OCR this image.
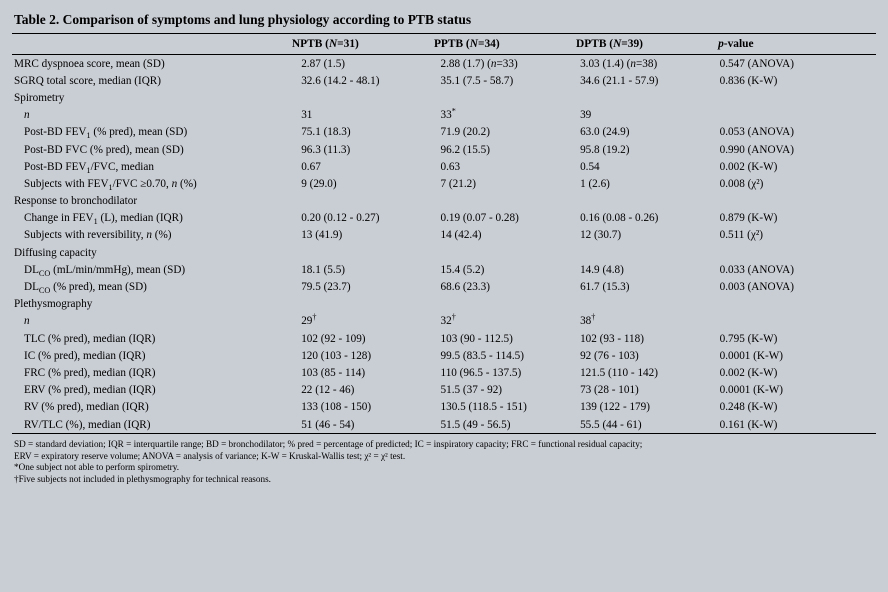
Table 2. Comparison of symptoms and lung physiology according to PTB status
	NPTB (N=31)	PPTB (N=34)	DPTB (N=39)	p-value
MRC dyspnoea score, mean (SD)	2.87 (1.5)	2.88 (1.7) (n=33)	3.03 (1.4) (n=38)	0.547 (ANOVA)
SGRQ total score, median (IQR)	32.6 (14.2 - 48.1)	35.1 (7.5 - 58.7)	34.6 (21.1 - 57.9)	0.836 (K-W)
Spirometry				
n	31	33*	39	
Post-BD $FEV_1$ (% pred), mean (SD)	75.1 (18.3)	71.9 (20.2)	63.0 (24.9)	0.053 (ANOVA)
Post-BD FVC (% pred), mean (SD)	96.3 (11.3)	96.2 (15.5)	95.8 (19.2)	0.990 (ANOVA)
Post-BD $FEV_1$/FVC, median	0.67	0.63	0.54	0.002 (K-W)
Subjects with $FEV_1$/FVC ≥0.70, n (%)	9 (29.0)	7 (21.2)	1 (2.6)	0.008 (χ²)
Response to bronchodilator				
Change in $FEV_1$ (L), median (IQR)	0.20 (0.12 - 0.27)	0.19 (0.07 - 0.28)	0.16 (0.08 - 0.26)	0.879 (K-W)
Subjects with reversibility, n (%)	13 (41.9)	14 (42.4)	12 (30.7)	0.511 (χ²)
Diffusing capacity				
$DL_{CO}$ (mL/min/mmHg), mean (SD)	18.1 (5.5)	15.4 (5.2)	14.9 (4.8)	0.033 (ANOVA)
$DL_{CO}$ (% pred), mean (SD)	79.5 (23.7)	68.6 (23.3)	61.7 (15.3)	0.003 (ANOVA)
Plethysmography				
n	29†	32†	38†	
TLC (% pred), median (IQR)	102 (92 - 109)	103 (90 - 112.5)	102 (93 - 118)	0.795 (K-W)
IC (% pred), median (IQR)	120 (103 - 128)	99.5 (83.5 - 114.5)	92 (76 - 103)	0.0001 (K-W)
FRC (% pred), median (IQR)	103 (85 - 114)	110 (96.5 - 137.5)	121.5 (110 - 142)	0.002 (K-W)
ERV (% pred), median (IQR)	22 (12 - 46)	51.5 (37 - 92)	73 (28 - 101)	0.0001 (K-W)
RV (% pred), median (IQR)	133 (108 - 150)	130.5 (118.5 - 151)	139 (122 - 179)	0.248 (K-W)
RV/TLC (%), median (IQR)	51 (46 - 54)	51.5 (49 - 56.5)	55.5 (44 - 61)	0.161 (K-W)
SD = standard deviation; IQR = interquartile range; BD = bronchodilator; % pred = percentage of predicted; IC = inspiratory capacity; FRC = functional residual capacity;
ERV = expiratory reserve volume; ANOVA = analysis of variance; K-W = Kruskal-Wallis test; χ² = χ² test.
*One subject not able to perform spirometry.
†Five subjects not included in plethysmography for technical reasons.
